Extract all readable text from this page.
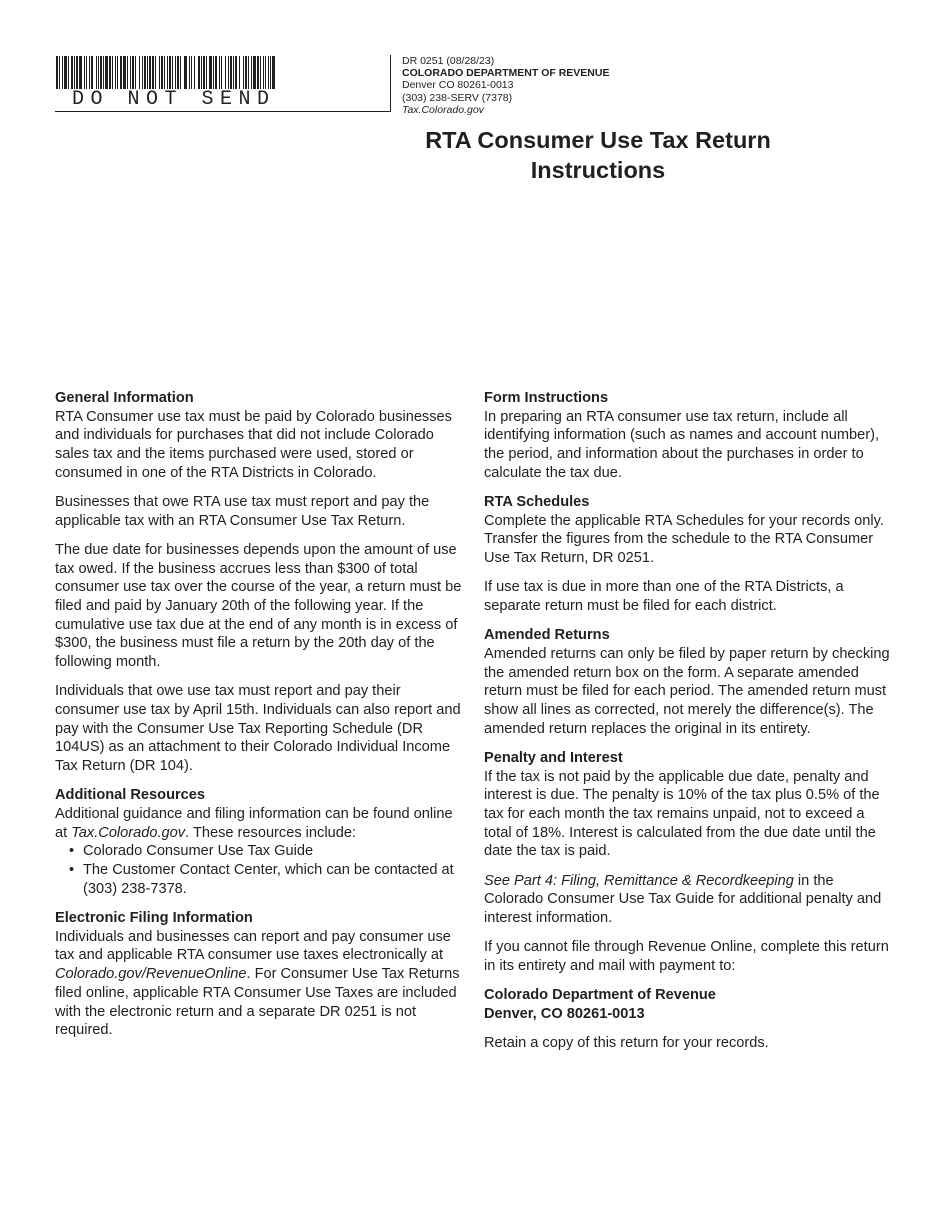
DO NOT SEND
DR 0251 (08/28/23)
COLORADO DEPARTMENT OF REVENUE
Denver CO 80261-0013
(303) 238-SERV (7378)
Tax.Colorado.gov
RTA Consumer Use Tax Return
Instructions
General Information

RTA Consumer use tax must be paid by Colorado businesses and individuals for purchases that did not include Colorado sales tax and the items purchased were used, stored or consumed in one of the RTA Districts in Colorado.

Businesses that owe RTA use tax must report and pay the applicable tax with an RTA Consumer Use Tax Return.

The due date for businesses depends upon the amount of use tax owed. If the business accrues less than $300 of total consumer use tax over the course of the year, a return must be filed and paid by January 20th of the following year. If the cumulative use tax due at the end of any month is in excess of $300, the business must file a return by the 20th day of the following month.

Individuals that owe use tax must report and pay their consumer use tax by April 15th. Individuals can also report and pay with the Consumer Use Tax Reporting Schedule (DR 104US) as an attachment to their Colorado Individual Income Tax Return (DR 104).

Additional Resources

Additional guidance and filing information can be found online at Tax.Colorado.gov. These resources include:

• Colorado Consumer Use Tax Guide
• The Customer Contact Center, which can be contacted at (303) 238-7378.
Electronic Filing Information

Individuals and businesses can report and pay consumer use tax and applicable RTA consumer use taxes electronically at Colorado.gov/RevenueOnline. For Consumer Use Tax Returns filed online, applicable RTA Consumer Use Taxes are included with the electronic return and a separate DR 0251 is not required.

Form Instructions

In preparing an RTA consumer use tax return, include all identifying information (such as names and account number), the period, and information about the purchases in order to calculate the tax due.

RTA Schedules

Complete the applicable RTA Schedules for your records only. Transfer the figures from the schedule to the RTA Consumer Use Tax Return, DR 0251.

If use tax is due in more than one of the RTA Districts, a separate return must be filed for each district.

Amended Returns

Amended returns can only be filed by paper return by checking the amended return box on the form. A separate amended return must be filed for each period. The amended return must show all lines as corrected, not merely the difference(s). The amended return replaces the original in its entirety.

Penalty and Interest

If the tax is not paid by the applicable due date, penalty and interest is due. The penalty is 10% of the tax plus 0.5% of the tax for each month the tax remains unpaid, not to exceed a total of 18%. Interest is calculated from the due date until the date the tax is paid.

See Part 4: Filing, Remittance & Recordkeeping in the Colorado Consumer Use Tax Guide for additional penalty and interest information.

If you cannot file through Revenue Online, complete this return in its entirety and mail with payment to:

Colorado Department of Revenue
Denver, CO 80261-0013

Retain a copy of this return for your records.
